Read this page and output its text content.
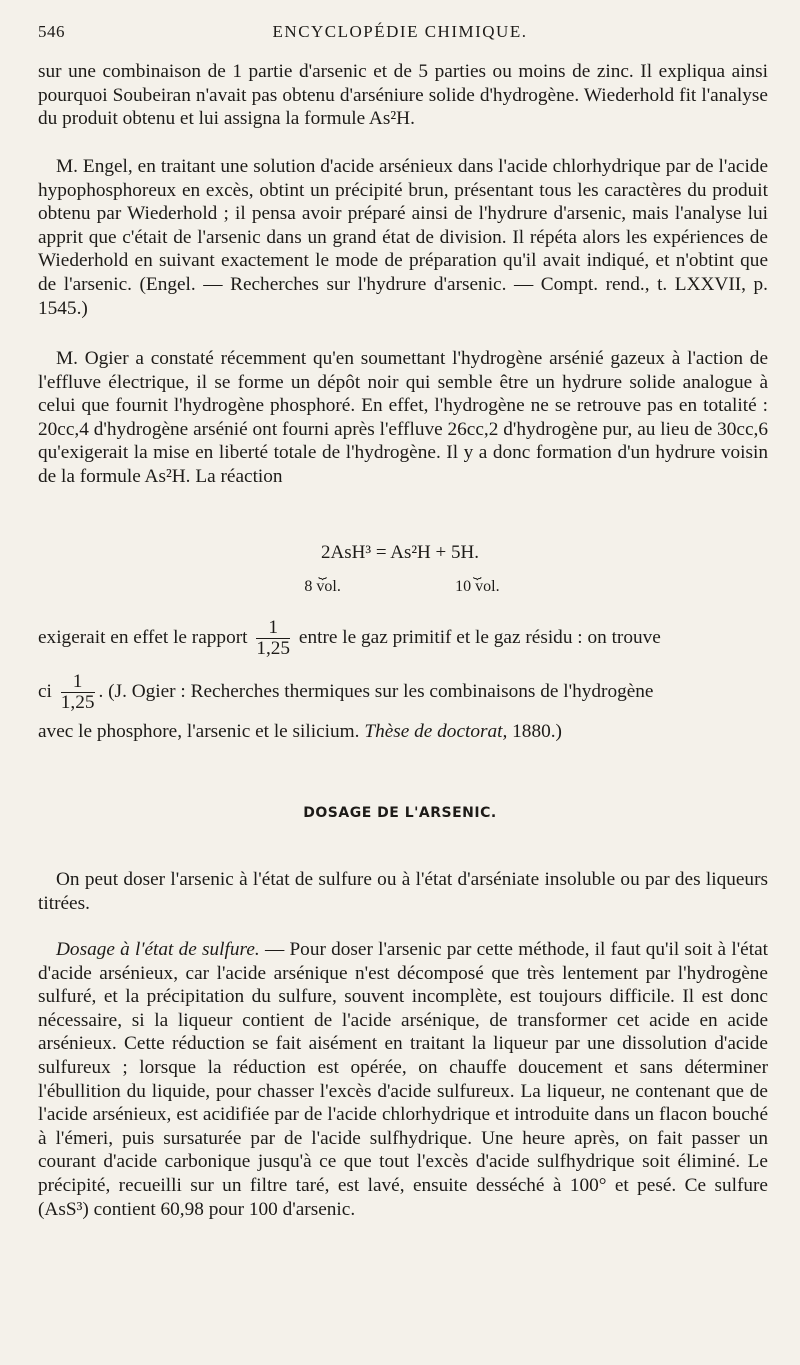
546	ENCYCLOPÉDIE CHIMIQUE.

sur une combinaison de 1 partie d'arsenic et de 5 parties ou moins de zinc. Il expliqua ainsi pourquoi Soubeiran n'avait pas obtenu d'arséniure solide d'hydrogène. Wiederhold fit l'analyse du produit obtenu et lui assigna la formule As²H.

M. Engel, en traitant une solution d'acide arsénieux dans l'acide chlorhydrique par de l'acide hypophosphoreux en excès, obtint un précipité brun, présentant tous les caractères du produit obtenu par Wiederhold ; il pensa avoir préparé ainsi de l'hydrure d'arsenic, mais l'analyse lui apprit que c'était de l'arsenic dans un grand état de division. Il répéta alors les expériences de Wiederhold en suivant exactement le mode de préparation qu'il avait indiqué, et n'obtint que de l'arsenic. (Engel. — Recherches sur l'hydrure d'arsenic. — Compt. rend., t. LXXVII, p. 1545.)

M. Ogier a constaté récemment qu'en soumettant l'hydrogène arsénié gazeux à l'action de l'effluve électrique, il se forme un dépôt noir qui semble être un hydrure solide analogue à celui que fournit l'hydrogène phosphoré. En effet, l'hydrogène ne se retrouve pas en totalité : 20cc,4 d'hydrogène arsénié ont fourni après l'effluve 26cc,2 d'hydrogène pur, au lieu de 30cc,6 qu'exigerait la mise en liberté totale de l'hydrogène. Il y a donc formation d'un hydrure voisin de la formule As²H. La réaction

2AsH³ = As²H + 5H.
⏟
8 vol.
⏟
10 vol.
exigerait en effet le rapport $\frac{1}{1,25}$ entre le gaz primitif et le gaz résidu : on trouve
ci $\frac{1}{1,25}$ . (J. Ogier : Recherches thermiques sur les combinaisons de l'hydrogène
avec le phosphore, l'arsenic et le silicium. Thèse de doctorat, 1880.)
DOSAGE DE L'ARSENIC.

On peut doser l'arsenic à l'état de sulfure ou à l'état d'arséniate insoluble ou par des liqueurs titrées.

Dosage à l'état de sulfure. — Pour doser l'arsenic par cette méthode, il faut qu'il soit à l'état d'acide arsénieux, car l'acide arsénique n'est décomposé que très lentement par l'hydrogène sulfuré, et la précipitation du sulfure, souvent incomplète, est toujours difficile. Il est donc nécessaire, si la liqueur contient de l'acide arsénique, de transformer cet acide en acide arsénieux. Cette réduction se fait aisément en traitant la liqueur par une dissolution d'acide sulfureux ; lorsque la réduction est opérée, on chauffe doucement et sans déterminer l'ébullition du liquide, pour chasser l'excès d'acide sulfureux. La liqueur, ne contenant que de l'acide arsénieux, est acidifiée par de l'acide chlorhydrique et introduite dans un flacon bouché à l'émeri, puis sursaturée par de l'acide sulfhydrique. Une heure après, on fait passer un courant d'acide carbonique jusqu'à ce que tout l'excès d'acide sulfhydrique soit éliminé. Le précipité, recueilli sur un filtre taré, est lavé, ensuite desséché à 100° et pesé. Ce sulfure (AsS³) contient 60,98 pour 100 d'arsenic.
